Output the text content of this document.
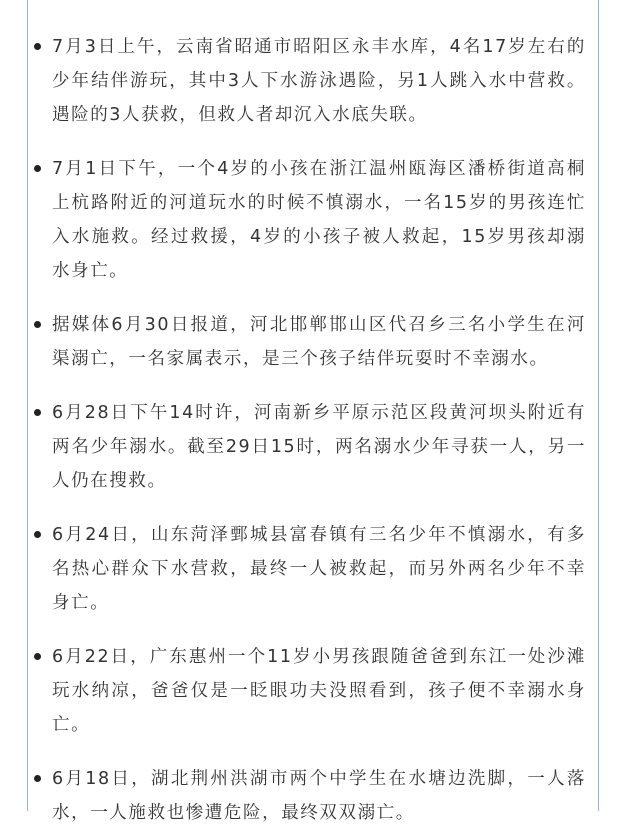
7月3日上午，云南省昭通市昭阳区永丰水库，4名17岁左右的少年结伴游玩，其中3人下水游泳遇险，另1人跳入水中营救。遇险的3人获救，但救人者却沉入水底失联。
7月1日下午，一个4岁的小孩在浙江温州瓯海区潘桥街道高桐上杭路附近的河道玩水的时候不慎溺水，一名15岁的男孩连忙入水施救。经过救援，4岁的小孩子被人救起，15岁男孩却溺水身亡。
据媒体6月30日报道，河北邯郸邯山区代召乡三名小学生在河渠溺亡，一名家属表示，是三个孩子结伴玩耍时不幸溺水。
6月28日下午14时许，河南新乡平原示范区段黄河坝头附近有两名少年溺水。截至29日15时，两名溺水少年寻获一人，另一人仍在搜救。
6月24日，山东菏泽鄄城县富春镇有三名少年不慎溺水，有多名热心群众下水营救，最终一人被救起，而另外两名少年不幸身亡。
6月22日，广东惠州一个11岁小男孩跟随爸爸到东江一处沙滩玩水纳凉，爸爸仅是一眨眼功夫没照看到，孩子便不幸溺水身亡。
6月18日，湖北荆州洪湖市两个中学生在水塘边洗脚，一人落水，一人施救也惨遭危险，最终双双溺亡。
